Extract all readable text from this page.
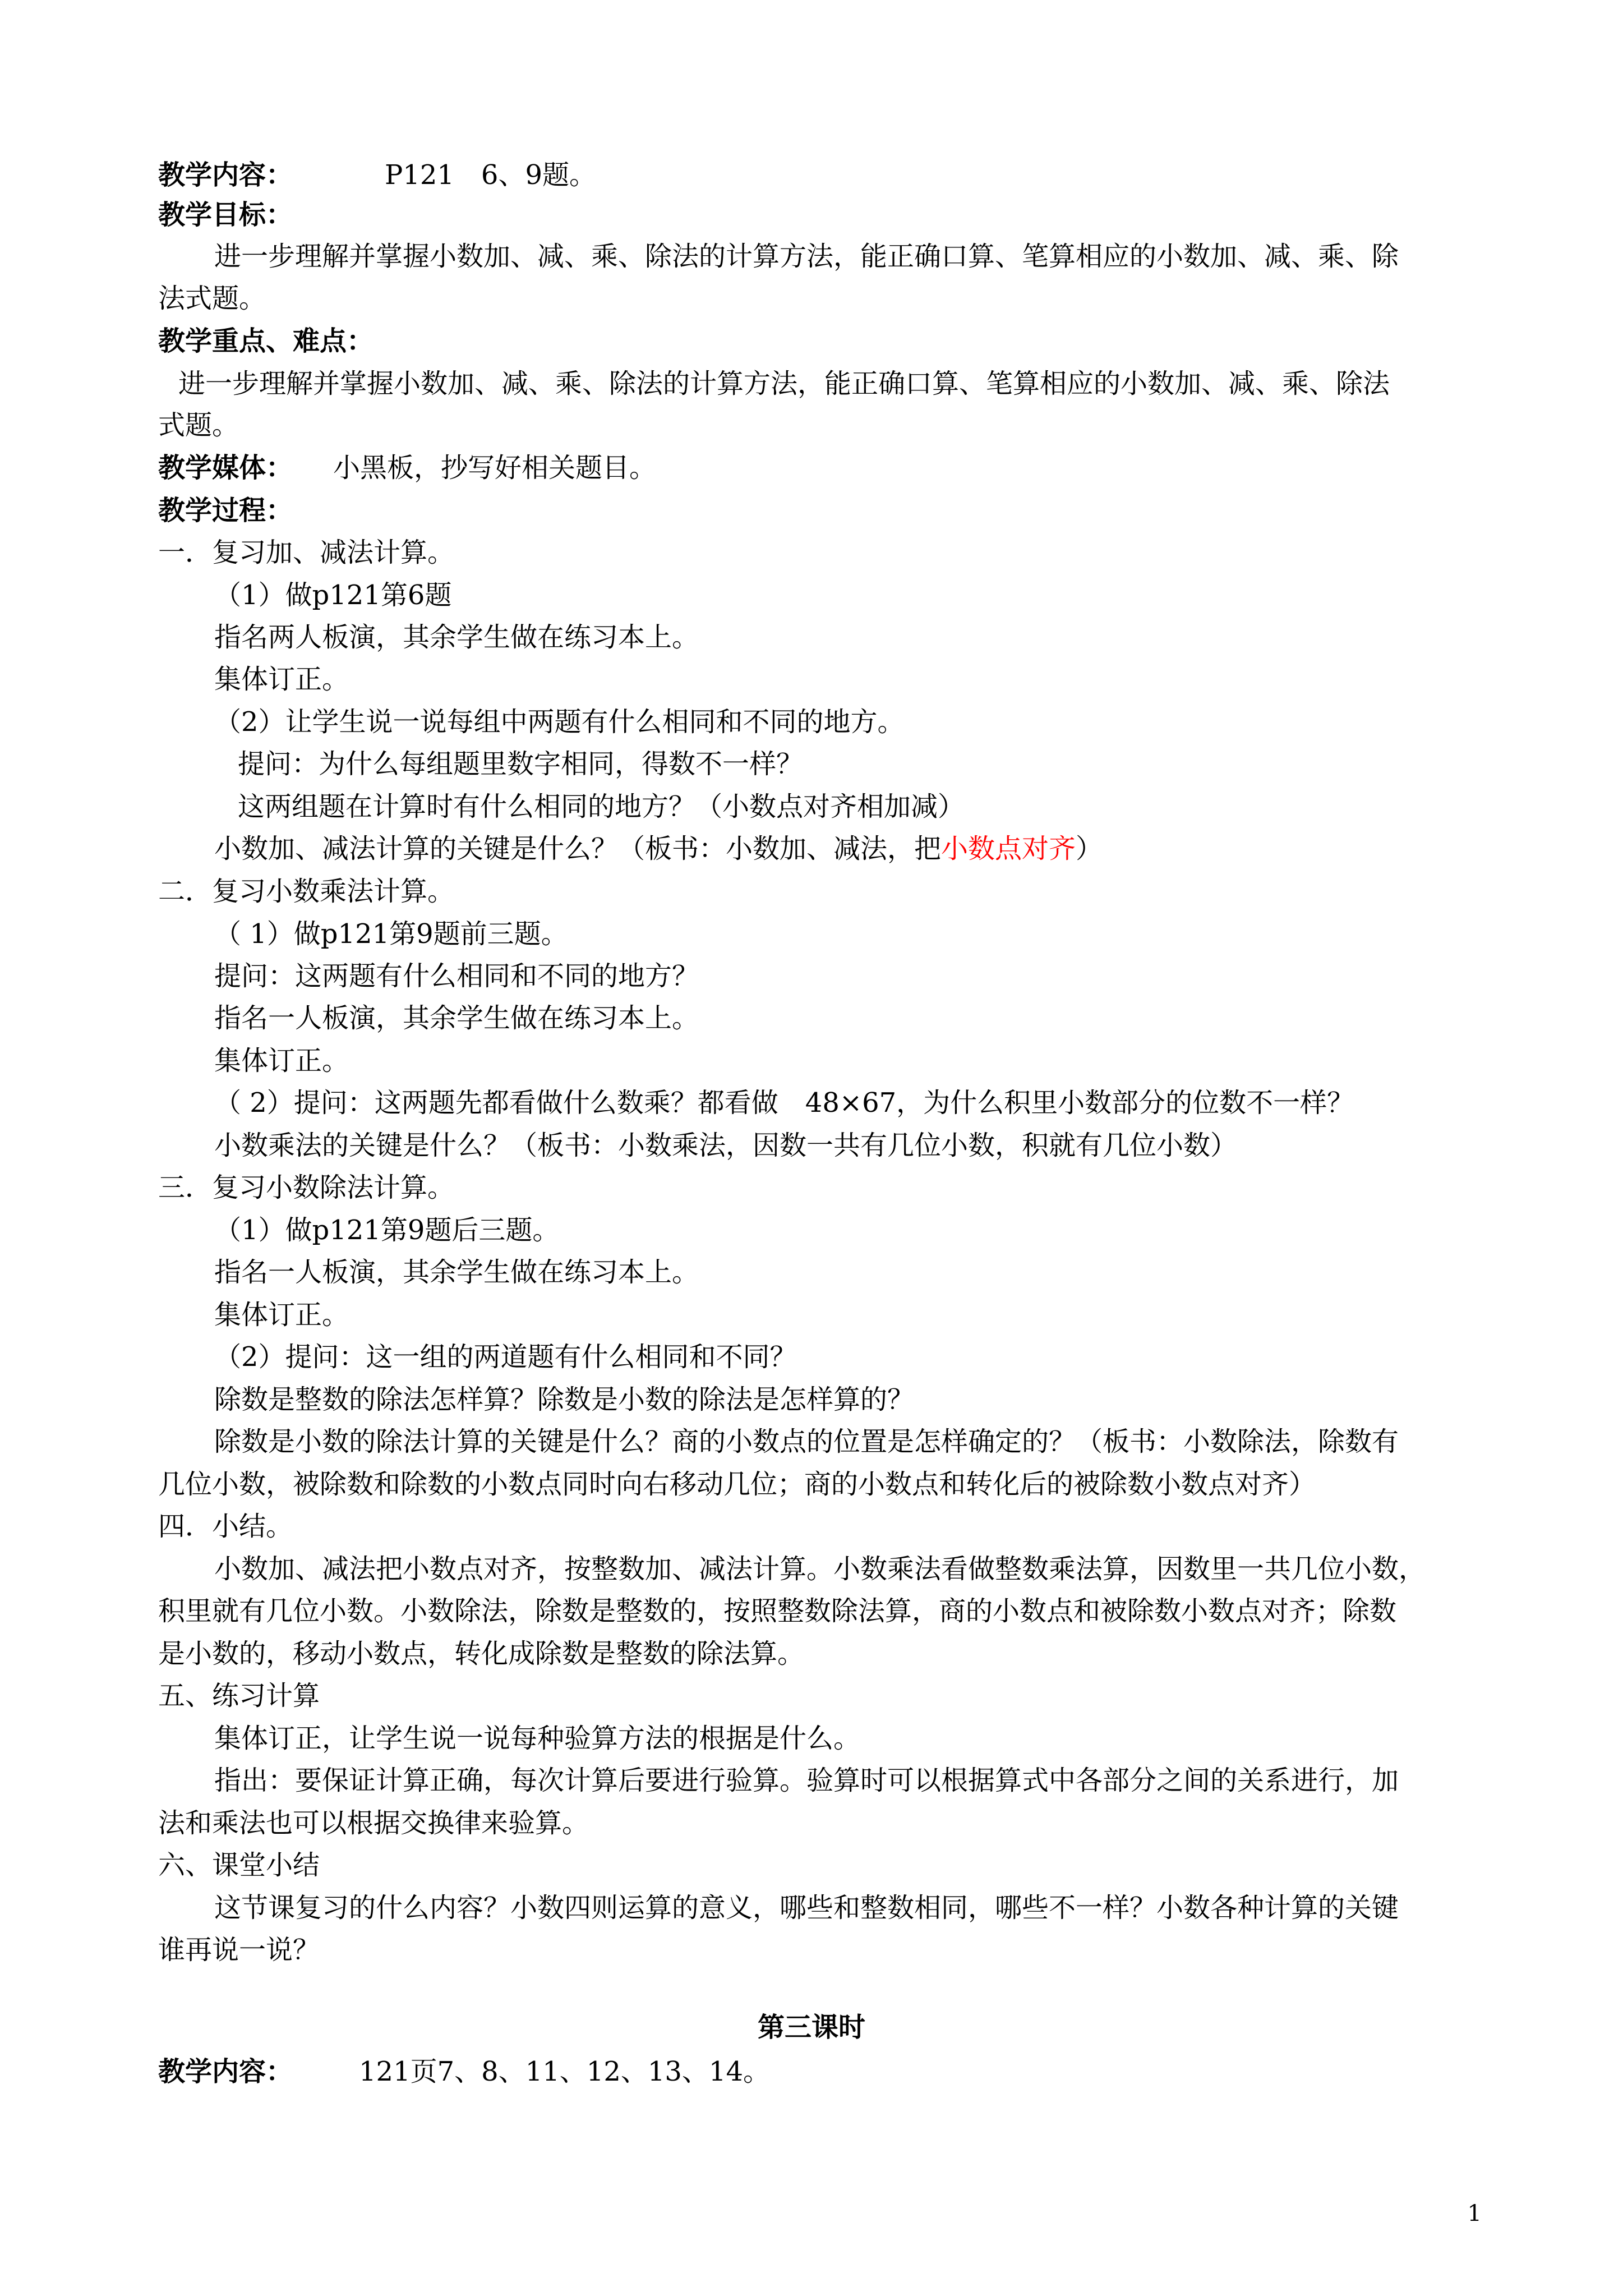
教学内容：	P121　6、9题。
教学目标：
进一步理解并掌握小数加、减、乘、除法的计算方法，能正确口算、笔算相应的小数加、减、乘、除
法式题。
教学重点、难点：
进一步理解并掌握小数加、减、乘、除法的计算方法，能正确口算、笔算相应的小数加、减、乘、除法
式题。
教学媒体： 小黑板，抄写好相关题目。
教学过程：
一．复习加、减法计算。
（1）做p121第6题
指名两人板演，其余学生做在练习本上。
集体订正。
（2）让学生说一说每组中两题有什么相同和不同的地方。
提问：为什么每组题里数字相同，得数不一样？
这两组题在计算时有什么相同的地方？（小数点对齐相加减）
小数加、减法计算的关键是什么？（板书：小数加、减法，把小数点对齐）
二．复习小数乘法计算。
（ 1）做p121第9题前三题。
提问：这两题有什么相同和不同的地方？
指名一人板演，其余学生做在练习本上。
集体订正。
（ 2）提问：这两题先都看做什么数乘？都看做　48×67，为什么积里小数部分的位数不一样？
小数乘法的关键是什么？（板书：小数乘法，因数一共有几位小数，积就有几位小数）
三．复习小数除法计算。
（1）做p121第9题后三题。
指名一人板演，其余学生做在练习本上。
集体订正。
（2）提问：这一组的两道题有什么相同和不同？
除数是整数的除法怎样算？除数是小数的除法是怎样算的？
除数是小数的除法计算的关键是什么？商的小数点的位置是怎样确定的？（板书：小数除法，除数有
几位小数，被除数和除数的小数点同时向右移动几位；商的小数点和转化后的被除数小数点对齐）
四．小结。
小数加、减法把小数点对齐，按整数加、减法计算。小数乘法看做整数乘法算，因数里一共几位小数，
积里就有几位小数。小数除法，除数是整数的，按照整数除法算，商的小数点和被除数小数点对齐；除数
是小数的，移动小数点，转化成除数是整数的除法算。
五、练习计算
集体订正，让学生说一说每种验算方法的根据是什么。
指出：要保证计算正确，每次计算后要进行验算。验算时可以根据算式中各部分之间的关系进行，加
法和乘法也可以根据交换律来验算。
六、课堂小结
这节课复习的什么内容？小数四则运算的意义，哪些和整数相同，哪些不一样？小数各种计算的关键
谁再说一说？
第三课时
教学内容： 121页7、8、11、12、13、14。
1
